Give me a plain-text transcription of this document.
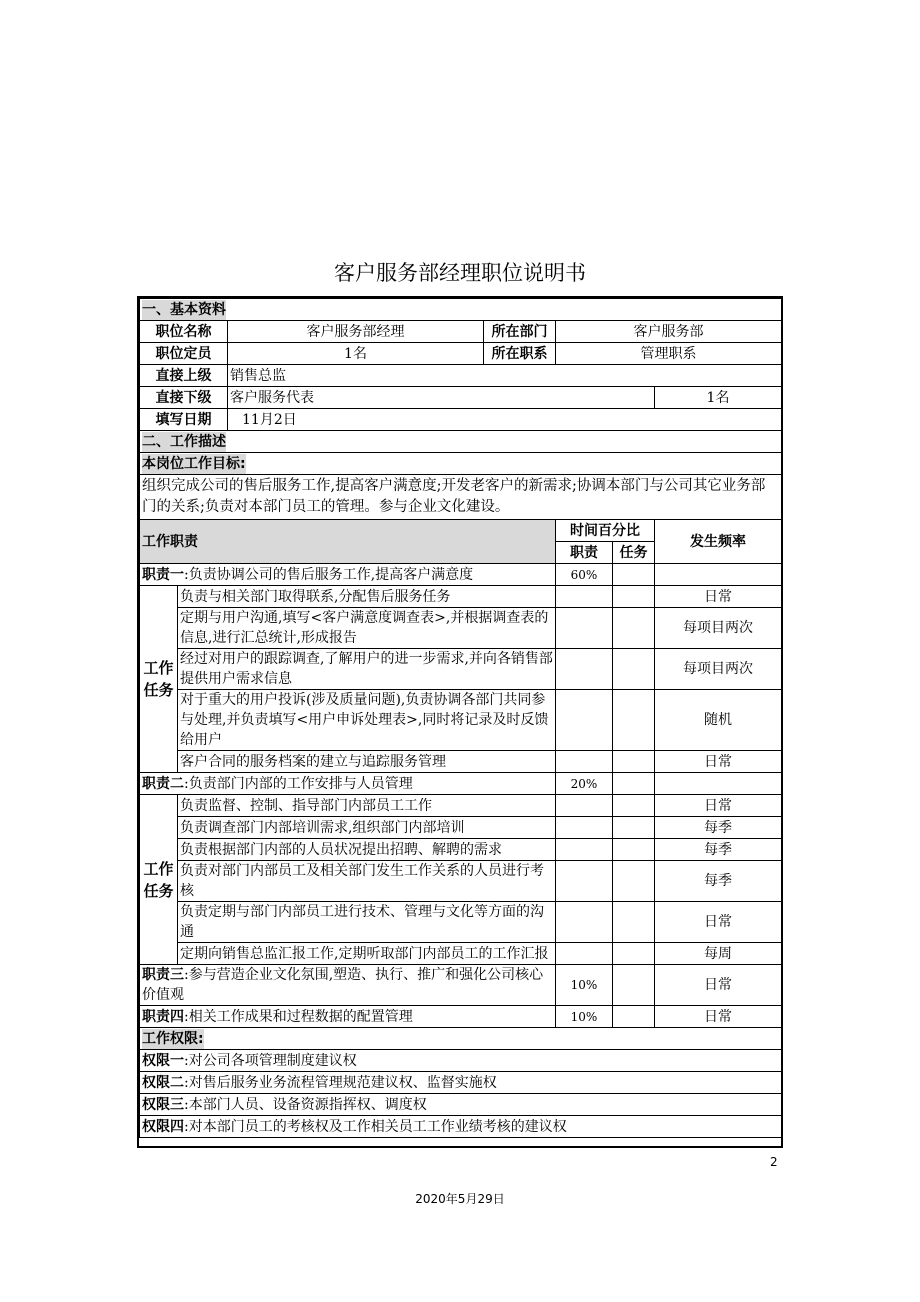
客户服务部经理职位说明书
一、基本资料						
职位名称		客户服务部经理	所在部门	客户服务部		
职位定员		1名	所在职系	管理职系		
直接上级		销售总监				
直接下级		客户服务代表				1名
填写日期		11月2日				
二、工作描述						
本岗位工作目标:						
组织完成公司的售后服务工作,提高客户满意度;开发老客户的新需求;协调本部门与公司其它业务部门的关系;负责对本部门员工的管理。参与企业文化建设。						
工作职责				时间百分比		发生频率
				职责	任务	
职责一:负责协调公司的售后服务工作,提高客户满意度				60%		
工作任务	负责与相关部门取得联系,分配售后服务任务					日常
	定期与用户沟通,填写<客户满意度调查表>,并根据调查表的信息,进行汇总统计,形成报告					每项目两次
	经过对用户的跟踪调查,了解用户的进一步需求,并向各销售部提供用户需求信息					每项目两次
	对于重大的用户投诉(涉及质量问题),负责协调各部门共同参与处理,并负责填写<用户申诉处理表>,同时将记录及时反馈给用户					随机
	客户合同的服务档案的建立与追踪服务管理					日常
职责二:负责部门内部的工作安排与人员管理				20%		
工作任务	负责监督、控制、指导部门内部员工工作					日常
	负责调查部门内部培训需求,组织部门内部培训					每季
	负责根据部门内部的人员状况提出招聘、解聘的需求					每季
	负责对部门内部员工及相关部门发生工作关系的人员进行考核					每季
	负责定期与部门内部员工进行技术、管理与文化等方面的沟通					日常
	定期向销售总监汇报工作,定期听取部门内部员工的工作汇报					每周
职责三:参与营造企业文化氛围,塑造、执行、推广和强化公司核心价值观				10%		日常
职责四:相关工作成果和过程数据的配置管理				10%		日常
工作权限:						
权限一:对公司各项管理制度建议权						
权限二:对售后服务业务流程管理规范建议权、监督实施权						
权限三:本部门人员、设备资源指挥权、调度权						
权限四:对本部门员工的考核权及工作相关员工工作业绩考核的建议权						
2
2020年5月29日
